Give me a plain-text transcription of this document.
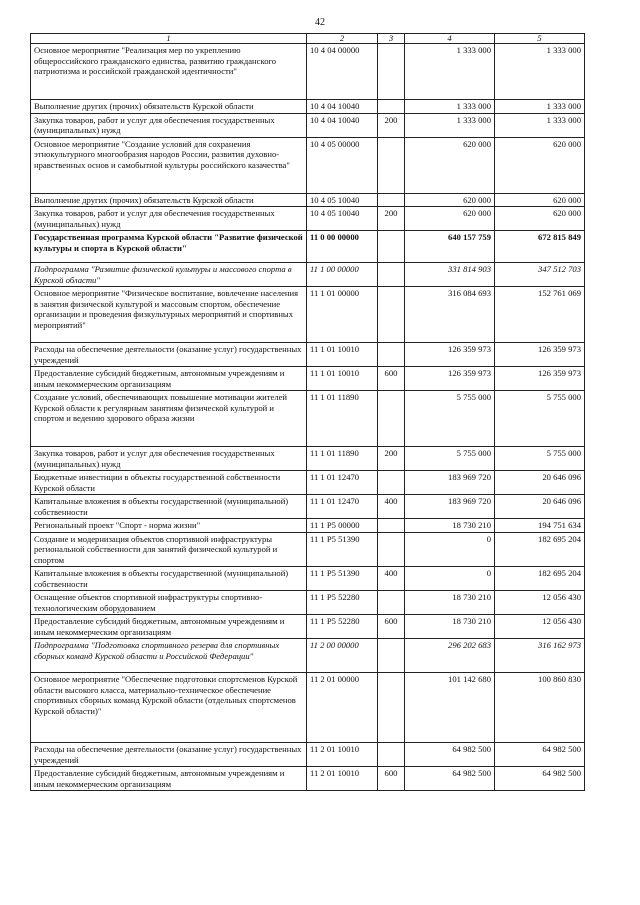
42
1	2	3	4	5
Основное мероприятие "Реализация мер по укреплению общероссийского гражданского единства, развитию гражданского патриотизма и российской гражданской идентичности"	10 4 04 00000		1 333 000	1 333 000
Выполнение других (прочих) обязательств Курской области	10 4 04 10040		1 333 000	1 333 000
Закупка товаров, работ и услуг для обеспечения государственных (муниципальных) нужд	10 4 04 10040	200	1 333 000	1 333 000
Основное мероприятие "Создание условий для сохранения этнокультурного многообразия народов России, развития духовно-нравственных основ и самобытной культуры российского казачества"	10 4 05 00000		620 000	620 000
Выполнение других (прочих) обязательств Курской области	10 4 05 10040		620 000	620 000
Закупка товаров, работ и услуг для обеспечения государственных (муниципальных) нужд	10 4 05 10040	200	620 000	620 000
Государственная программа Курской области "Развитие физической культуры и спорта в Курской области"	11 0 00 00000		640 157 759	672 815 849
Подпрограмма "Развитие физической культуры и массового спорта в Курской области"	11 1 00 00000		331 814 903	347 512 703
Основное мероприятие "Физическое воспитание, вовлечение населения в занятия физической культурой и массовым спортом, обеспечение организации и проведения физкультурных мероприятий и спортивных мероприятий"	11 1 01 00000		316 084 693	152 761 069
Расходы на обеспечение деятельности (оказание услуг) государственных учреждений	11 1 01 10010		126 359 973	126 359 973
Предоставление субсидий бюджетным, автономным учреждениям и иным некоммерческим организациям	11 1 01 10010	600	126 359 973	126 359 973
Создание условий, обеспечивающих повышение мотивации жителей Курской области к регулярным занятиям физической культурой и спортом и ведению здорового образа жизни	11 1 01 11890		5 755 000	5 755 000
Закупка товаров, работ и услуг для обеспечения государственных (муниципальных) нужд	11 1 01 11890	200	5 755 000	5 755 000
Бюджетные инвестиции в объекты государственной собственности Курской области	11 1 01 12470		183 969 720	20 646 096
Капитальные вложения в объекты государственной (муниципальной) собственности	11 1 01 12470	400	183 969 720	20 646 096
Региональный проект "Спорт - норма жизни"	11 1 P5 00000		18 730 210	194 751 634
Создание и модернизация объектов спортивной инфраструктуры региональной собственности для занятий физической культурой и спортом	11 1 P5 51390		0	182 695 204
Капитальные вложения в объекты государственной (муниципальной) собственности	11 1 P5 51390	400	0	182 695 204
Оснащение объектов спортивной инфраструктуры спортивно-технологическим оборудованием	11 1 P5 52280		18 730 210	12 056 430
Предоставление субсидий бюджетным, автономным учреждениям и иным некоммерческим организациям	11 1 P5 52280	600	18 730 210	12 056 430
Подпрограмма "Подготовка спортивного резерва для спортивных сборных команд Курской области и Российской Федерации"	11 2 00 00000		296 202 683	316 162 973
Основное мероприятие "Обеспечение подготовки спортсменов Курской области высокого класса, материально-техническое обеспечение спортивных сборных команд Курской области (отдельных спортсменов Курской области)"	11 2 01 00000		101 142 680	100 860 830
Расходы на обеспечение деятельности (оказание услуг) государственных учреждений	11 2 01 10010		64 982 500	64 982 500
Предоставление субсидий бюджетным, автономным учреждениям и иным некоммерческим организациям	11 2 01 10010	600	64 982 500	64 982 500
